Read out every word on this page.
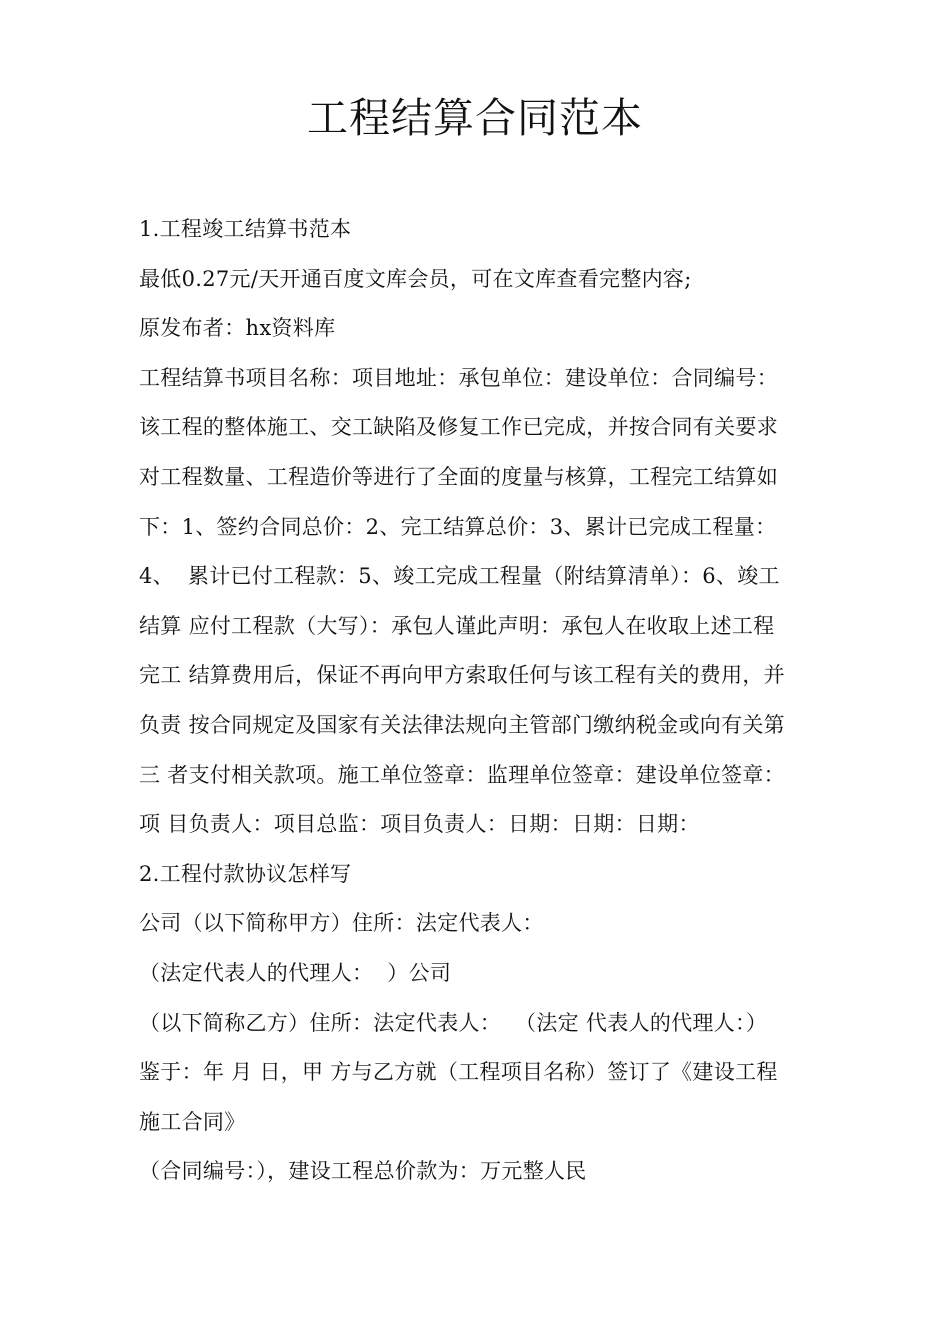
工程结算合同范本
1.工程竣工结算书范本
最低0.27元/天开通百度文库会员，可在文库查看完整内容;
原发布者：hx资料库
工程结算书项目名称：项目地址：承包单位：建设单位：合同编号：
该工程的整体施工、交工缺陷及修复工作已完成，并按合同有关要求
对工程数量、工程造价等进行了全面的度量与核算，工程完工结算如
下：1、签约合同总价：2、完工结算总价：3、累计已完成工程量：
4、  累计已付工程款：5、竣工完成工程量（附结算清单）：6、竣工
结算 应付工程款（大写）：承包人谨此声明：承包人在收取上述工程
完工 结算费用后，保证不再向甲方索取任何与该工程有关的费用，并
负责 按合同规定及国家有关法律法规向主管部门缴纳税金或向有关第
三 者支付相关款项。施工单位签章：监理单位签章：建设单位签章：
项 目负责人：项目总监：项目负责人：日期：日期：日期：
2.工程付款协议怎样写
公司（以下简称甲方）住所：法定代表人：
（法定代表人的代理人：  ）公司
（以下简称乙方）住所：法定代表人：  （法定 代表人的代理人：）
鉴于：年 月 日，甲 方与乙方就（工程项目名称）签订了《建设工程
施工合同》
（合同编号：），建设工程总价款为：万元整人民
